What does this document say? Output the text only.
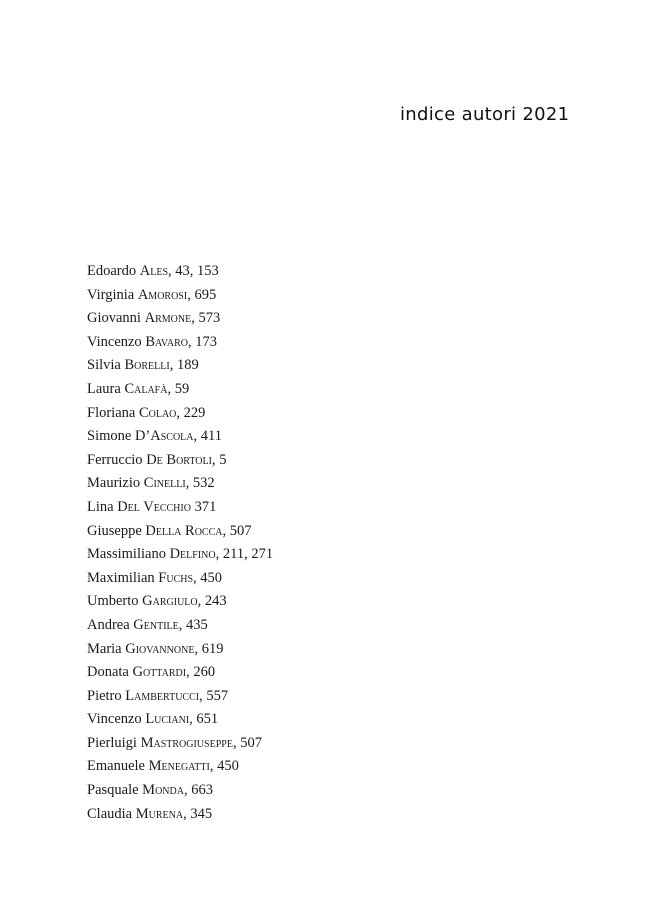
indice autori 2021
Edoardo Ales, 43, 153
Virginia Amorosi, 695
Giovanni Armone, 573
Vincenzo Bavaro, 173
Silvia Borelli, 189
Laura Calafà, 59
Floriana Colao, 229
Simone D’Ascola, 411
Ferruccio De Bortoli, 5
Maurizio Cinelli, 532
Lina Del Vecchio 371
Giuseppe Della Rocca, 507
Massimiliano Delfino, 211, 271
Maximilian Fuchs, 450
Umberto Gargiulo, 243
Andrea Gentile, 435
Maria Giovannone, 619
Donata Gottardi, 260
Pietro Lambertucci, 557
Vincenzo Luciani, 651
Pierluigi Mastrogiuseppe, 507
Emanuele Menegatti, 450
Pasquale Monda, 663
Claudia Murena, 345
